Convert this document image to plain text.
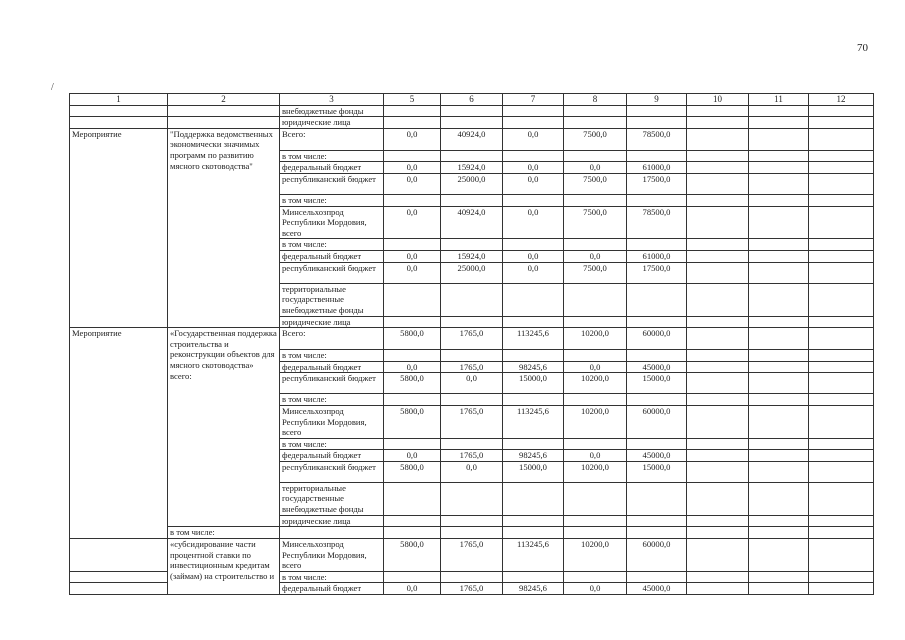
70
/
1	2	3	5	6	7	8	9	10	11	12
		внебюджетные фонды								
		юридические лица								
Мероприятие	"Поддержка ведомственных экономически значимых программ по развитию мясного скотоводства"	Всего:	0,0	40924,0	0,0	7500,0	78500,0			
		в том числе:								
		федеральный бюджет	0,0	15924,0	0,0	0,0	61000,0			
		республиканский бюджет	0,0	25000,0	0,0	7500,0	17500,0			
		в том числе:								
		Минсельхозпрод Республики Мордовия, всего	0,0	40924,0	0,0	7500,0	78500,0			
		в том числе:								
		федеральный бюджет	0,0	15924,0	0,0	0,0	61000,0			
		республиканский бюджет	0,0	25000,0	0,0	7500,0	17500,0			
		территориальные государственные внебюджетные фонды								
		юридические лица								
Мероприятие	«Государственная поддержка строительства и реконструкции объектов для мясного скотоводства» всего:	Всего:	5800,0	1765,0	113245,6	10200,0	60000,0			
		в том числе:								
		федеральный бюджет	0,0	1765,0	98245,6	0,0	45000,0			
		республиканский бюджет	5800,0	0,0	15000,0	10200,0	15000,0			
		в том числе:								
		Минсельхозпрод Республики Мордовия, всего	5800,0	1765,0	113245,6	10200,0	60000,0			
		в том числе:								
		федеральный бюджет	0,0	1765,0	98245,6	0,0	45000,0			
		республиканский бюджет	5800,0	0,0	15000,0	10200,0	15000,0			
		территориальные государственные внебюджетные фонды								
		юридические лица								
	в том числе:									
	«субсидирование части процентной ставки по инвестиционным кредитам (займам) на строительство и	Минсельхозпрод Республики Мордовия, всего	5800,0	1765,0	113245,6	10200,0	60000,0			
		в том числе:								
		федеральный бюджет	0,0	1765,0	98245,6	0,0	45000,0			
